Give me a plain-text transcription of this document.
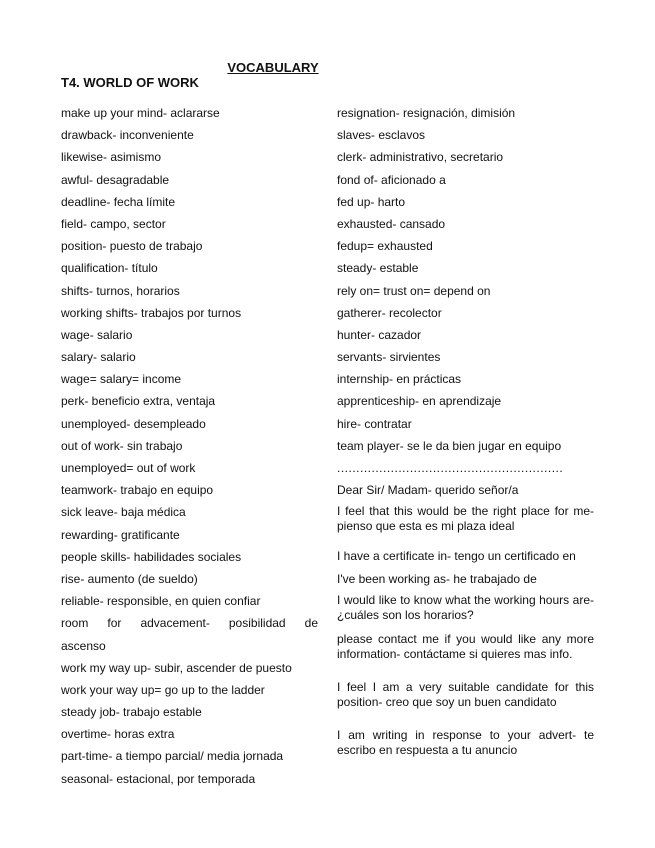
VOCABULARY
T4. WORLD OF WORK
make up your mind- aclararse
drawback- inconveniente
likewise- asimismo
awful- desagradable
deadline- fecha límite
field- campo, sector
position- puesto de trabajo
qualification- título
shifts- turnos, horarios
working shifts- trabajos por turnos
wage- salario
salary- salario
wage= salary= income
perk- beneficio extra, ventaja
unemployed- desempleado
out of work- sin trabajo
unemployed= out of work
teamwork- trabajo en equipo
sick leave- baja médica
rewarding- gratificante
people skills- habilidades sociales
rise- aumento (de sueldo)
reliable- responsible, en quien confiar
room for advacement- posibilidad de
ascenso
work my way up- subir, ascender de puesto
work your way up= go up to the ladder
steady job- trabajo estable
overtime- horas extra
part-time- a tiempo parcial/ media jornada
seasonal- estacional, por temporada
resignation- resignación, dimisión
slaves- esclavos
clerk- administrativo, secretario
fond of- aficionado a
fed up- harto
exhausted- cansado
fedup= exhausted
steady- estable
rely on= trust on= depend on
gatherer- recolector
hunter- cazador
servants- sirvientes
internship- en prácticas
apprenticeship- en aprendizaje
hire- contratar
team player- se le da bien jugar en equipo
...........................................................
Dear Sir/ Madam- querido señor/a
I feel that this would be the right place for me- pienso que esta es mi plaza ideal
I have a certificate in- tengo un certificado en
I've been working as- he trabajado de
I would like to know what the working hours are- ¿cuáles son los horarios?
please contact me if you would like any more information- contáctame si quieres mas info.
I feel I am a very suitable candidate for this position- creo que soy un buen candidato
I am writing in response to your advert- te escribo en respuesta a tu anuncio
